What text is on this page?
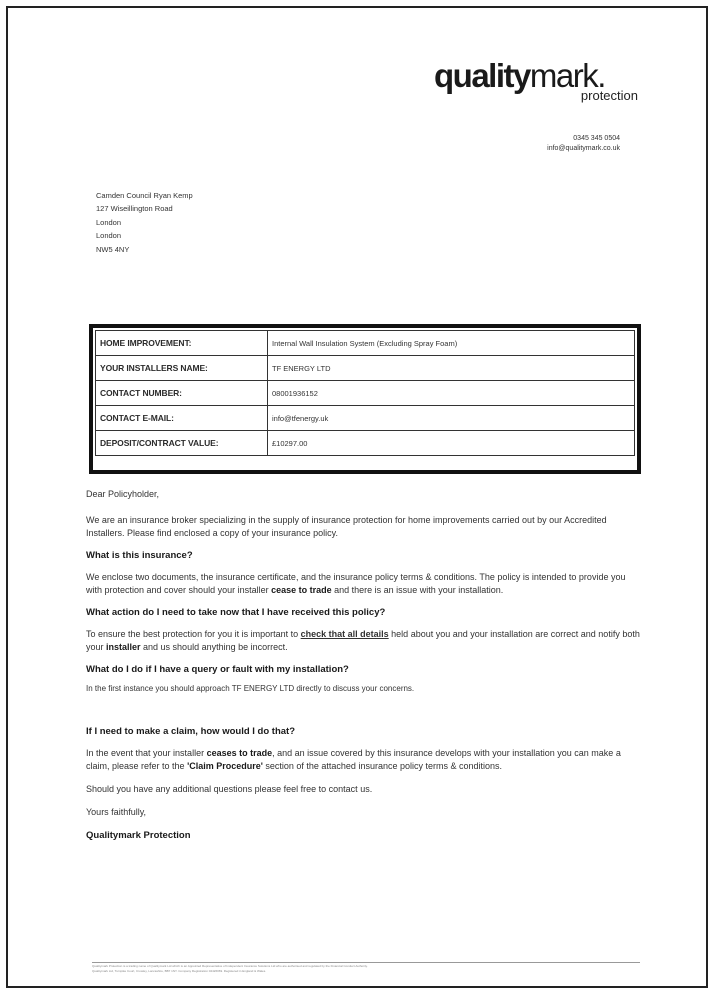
qualitymark.
protection
0345 345 0504
info@qualitymark.co.uk
Camden Council Ryan Kemp
127 Wiseillington Road
London
London
NW5 4NY
HOME IMPROVEMENT:	Internal Wall Insulation System (Excluding Spray Foam)
YOUR INSTALLERS NAME:	TF ENERGY LTD
CONTACT NUMBER:	08001936152
CONTACT E-MAIL:	info@tfenergy.uk
DEPOSIT/CONTRACT VALUE:	£10297.00

Dear Policyholder,

We are an insurance broker specializing in the supply of insurance protection for home improvements carried out by our Accredited Installers. Please find enclosed a copy of your insurance policy.

What is this insurance?

We enclose two documents, the insurance certificate, and the insurance policy terms & conditions. The policy is intended to provide you with protection and cover should your installer cease to trade and there is an issue with your installation.

What action do I need to take now that I have received this policy?

To ensure the best protection for you it is important to check that all details held about you and your installation are correct and notify both your installer and us should anything be incorrect.

What do I do if I have a query or fault with my installation?

In the first instance you should approach TF ENERGY LTD directly to discuss your concerns.

If I need to make a claim, how would I do that?

In the event that your installer ceases to trade, and an issue covered by this insurance develops with your installation you can make a claim, please refer to the 'Claim Procedure' section of the attached insurance policy terms & conditions.

Should you have any additional questions please feel free to contact us.

Yours faithfully,

Qualitymark Protection

Qualitymark Protection is a trading name of Qualitymark Ltd which is an Appointed Representative of Independent Insurance Solutions Ltd who are authorised and regulated by the Financial Conduct Authority.
Qualitymark Ltd, Turnpike Court, Crowley, Lancashire, BB7 1NY. Company Registration 02426069. Registered in England & Wales.
